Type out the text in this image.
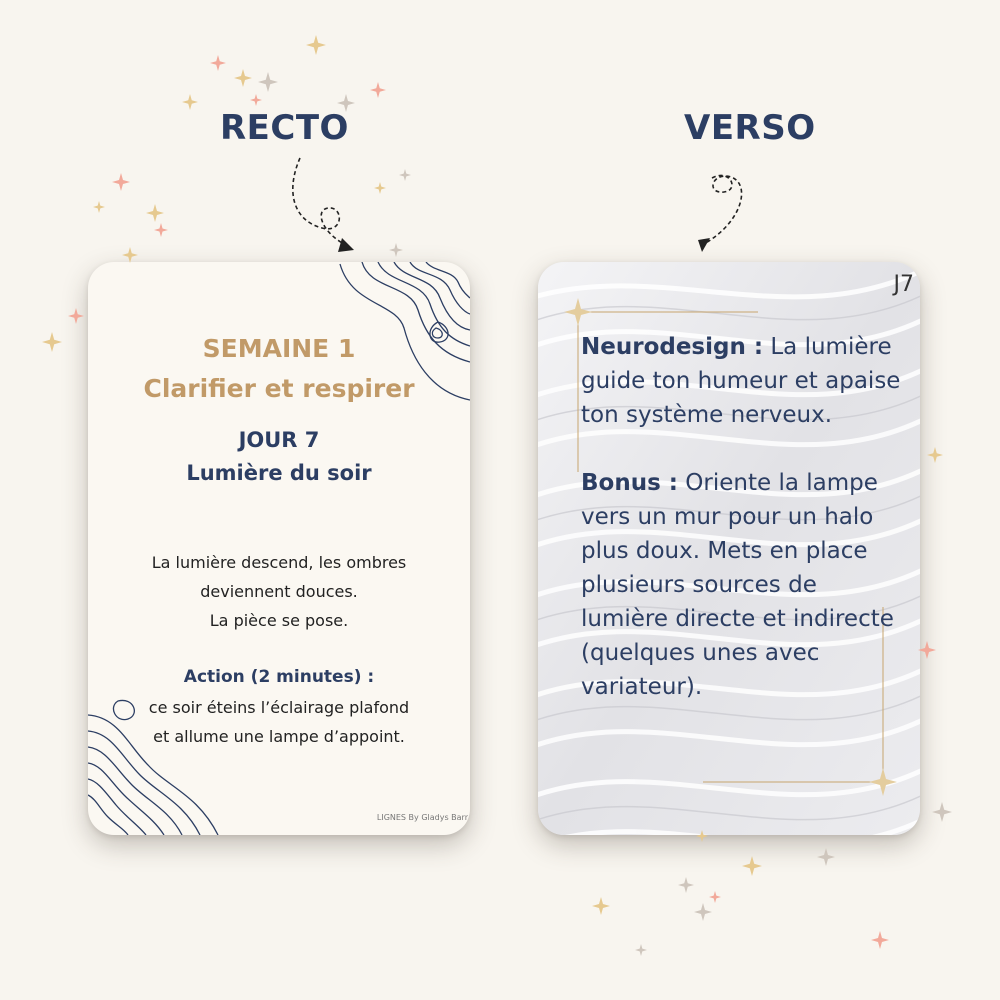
RECTO	VERSO

SEMAINE 1

Clarifier et respirer

JOUR 7

Lumière du soir

La lumière descend, les ombres
deviennent douces.
La pièce se pose.

Action (2 minutes) :

ce soir éteins l’éclairage plafond
et allume une lampe d’appoint.
LIGNES By Gladys Barr
J7

Neurodesign : La lumière guide ton humeur et apaise ton système nerveux.

Bonus : Oriente la lampe vers un mur pour un halo plus doux. Mets en place plusieurs sources de lumière directe et indirecte (quelques unes avec variateur).
